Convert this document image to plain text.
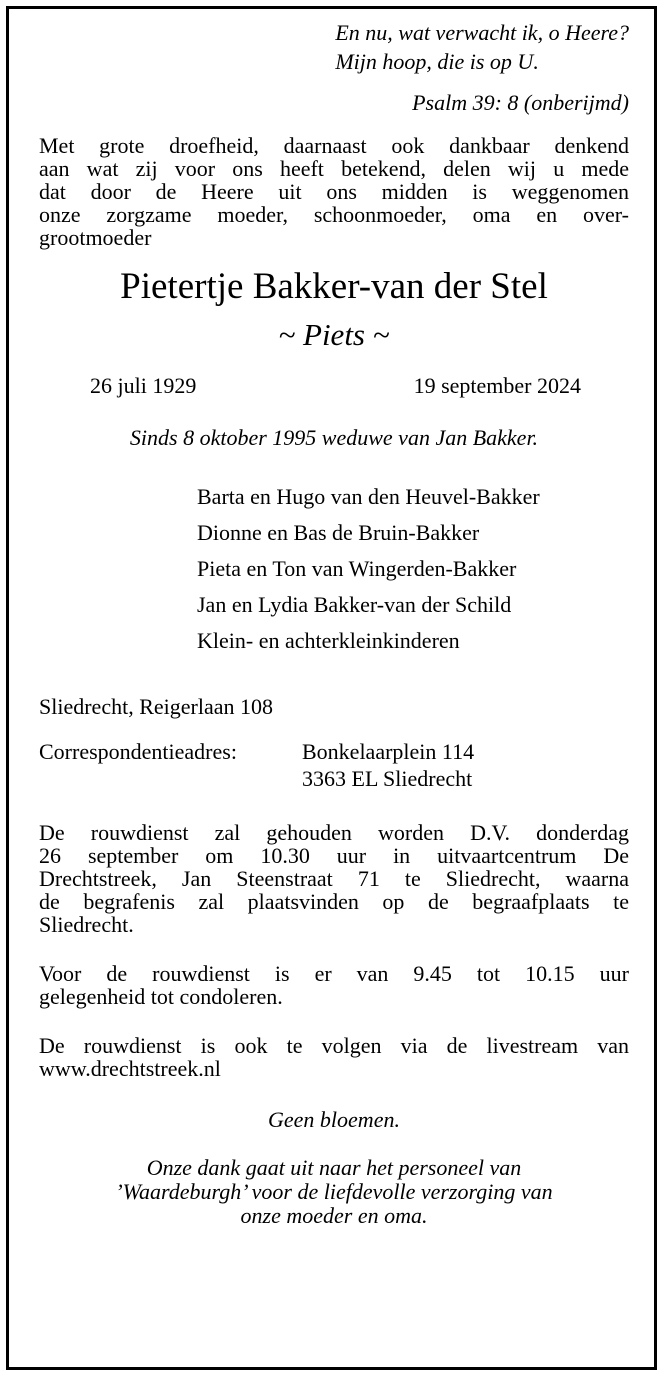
En nu, wat verwacht ik, o Heere?
Mijn hoop, die is op U.
Psalm 39: 8 (onberijmd)
Met grote droefheid, daarnaast ook dankbaar denkend
aan wat zij voor ons heeft betekend, delen wij u mede
dat door de Heere uit ons midden is weggenomen
onze zorgzame moeder, schoonmoeder, oma en over-
grootmoeder
Pietertje Bakker-van der Stel
~ Piets ~
26 juli 1929	19 september 2024
Sinds 8 oktober 1995 weduwe van Jan Bakker.
Barta en Hugo van den Heuvel-Bakker
Dionne en Bas de Bruin-Bakker
Pieta en Ton van Wingerden-Bakker
Jan en Lydia Bakker-van der Schild
Klein- en achterkleinkinderen
Sliedrecht, Reigerlaan 108
Correspondentieadres:	Bonkelaarplein 114
3363 EL Sliedrecht
De rouwdienst zal gehouden worden D.V. donderdag
26 september om 10.30 uur in uitvaartcentrum De
Drechtstreek, Jan Steenstraat 71 te Sliedrecht, waarna
de begrafenis zal plaatsvinden op de begraafplaats te
Sliedrecht.
Voor de rouwdienst is er van 9.45 tot 10.15 uur
gelegenheid tot condoleren.
De rouwdienst is ook te volgen via de livestream van
www.drechtstreek.nl
Geen bloemen.
Onze dank gaat uit naar het personeel van
’Waardeburgh’ voor de liefdevolle verzorging van
onze moeder en oma.
